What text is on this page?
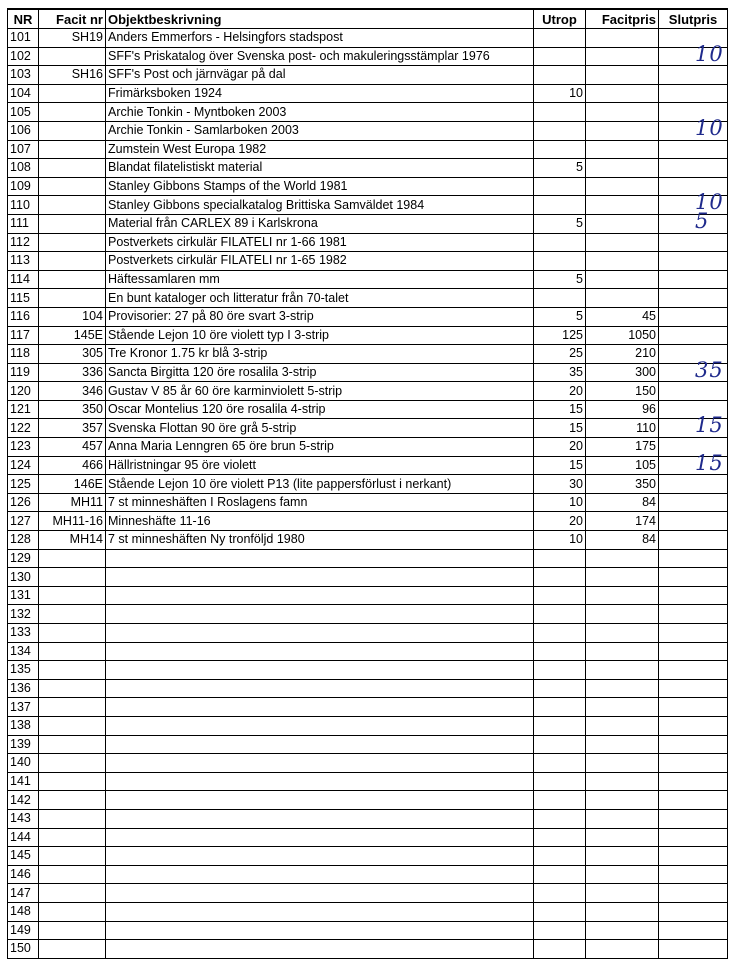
NR	Facit nr	Objektbeskrivning	Utrop	Facitpris	Slutpris
101	SH19	Anders Emmerfors - Helsingfors stadspost			

102		SFF's Priskatalog över Svenska post- och makuleringsstämplar 1976			10

103	SH16	SFF's Post och järnvägar på dal			

104		Frimärksboken 1924	10		

105		Archie Tonkin - Myntboken 2003			

106		Archie Tonkin - Samlarboken 2003			10

107		Zumstein West Europa 1982			

108		Blandat filatelistiskt material	5		

109		Stanley Gibbons Stamps of the World 1981			

110		Stanley Gibbons specialkatalog Brittiska Samväldet 1984			10

111		Material från CARLEX 89 i Karlskrona	5		5

112		Postverkets cirkulär FILATELI nr 1-66 1981			

113		Postverkets cirkulär FILATELI nr 1-65 1982			

114		Häftessamlaren mm	5		

115		En bunt kataloger och litteratur från 70-talet			

116	104	Provisorier: 27 på 80 öre svart 3-strip	5	45	

117	145E	Stående Lejon 10 öre violett typ I 3-strip	125	1050	

118	305	Tre Kronor 1.75 kr blå 3-strip	25	210	

119	336	Sancta Birgitta 120 öre rosalila 3-strip	35	300	35

120	346	Gustav V 85 år 60 öre karminviolett 5-strip	20	150	

121	350	Oscar Montelius 120 öre rosalila 4-strip	15	96	

122	357	Svenska Flottan 90 öre grå 5-strip	15	110	15

123	457	Anna Maria Lenngren 65 öre brun 5-strip	20	175	

124	466	Hällristningar 95 öre violett	15	105	15

125	146E	Stående Lejon 10 öre violett P13 (lite pappersförlust i nerkant)	30	350	

126	MH11	7 st minneshäften I Roslagens famn	10	84	

127	MH11-16	Minneshäfte 11-16	20	174	

128	MH14	7 st minneshäften Ny tronföljd 1980	10	84	

129					

130					

131					

132					

133					

134					

135					

136					

137					

138					

139					

140					

141					

142					

143					

144					

145					

146					

147					

148					

149					

150					
